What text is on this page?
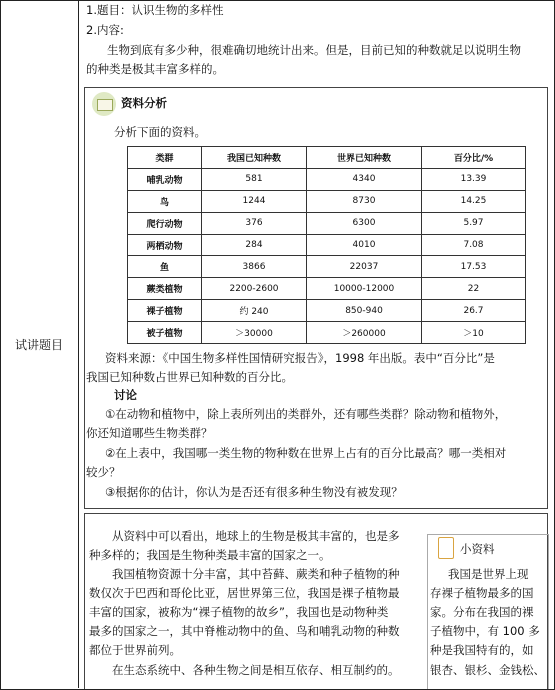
试讲题目
1.题目：认识生物的多样性
2.内容:
生物到底有多少种，很难确切地统计出来。但是，目前已知的种数就足以说明生物
的种类是极其丰富多样的。
资料分析
分析下面的资料。
类群	我国已知种数	世界已知种数	百分比/%
哺乳动物	581	4340	13.39
鸟	1244	8730	14.25
爬行动物	376	6300	5.97
两栖动物	284	4010	7.08
鱼	3866	22037	17.53
蕨类植物	2200-2600	10000-12000	22
裸子植物	约 240	850-940	26.7
被子植物	＞30000	＞260000	＞10
资料来源：《中国生物多样性国情研究报告》，1998 年出版。表中“百分比”是
我国已知种数占世界已知种数的百分比。
讨论
①在动物和植物中，除上表所列出的类群外，还有哪些类群？除动物和植物外，
你还知道哪些生物类群？
②在上表中，我国哪一类生物的物种数在世界上占有的百分比最高？哪一类相对
较少？
③根据你的估计，你认为是否还有很多种生物没有被发现？
从资料中可以看出，地球上的生物是极其丰富的，也是多
种多样的；我国是生物种类最丰富的国家之一。
我国植物资源十分丰富，其中苔藓、蕨类和种子植物的种
数仅次于巴西和哥伦比亚，居世界第三位，我国是裸子植物最
丰富的国家，被称为“裸子植物的故乡”，我国也是动物种类
最多的国家之一，其中脊椎动物中的鱼、鸟和哺乳动物的种数
都位于世界前列。
在生态系统中、各种生物之间是相互依存、相互制约的。
小资料
我国是世界上现
存裸子植物最多的国
家。分布在我国的裸
子植物中，有 100 多
种是我国特有的，如
银杏、银杉、金钱松、
